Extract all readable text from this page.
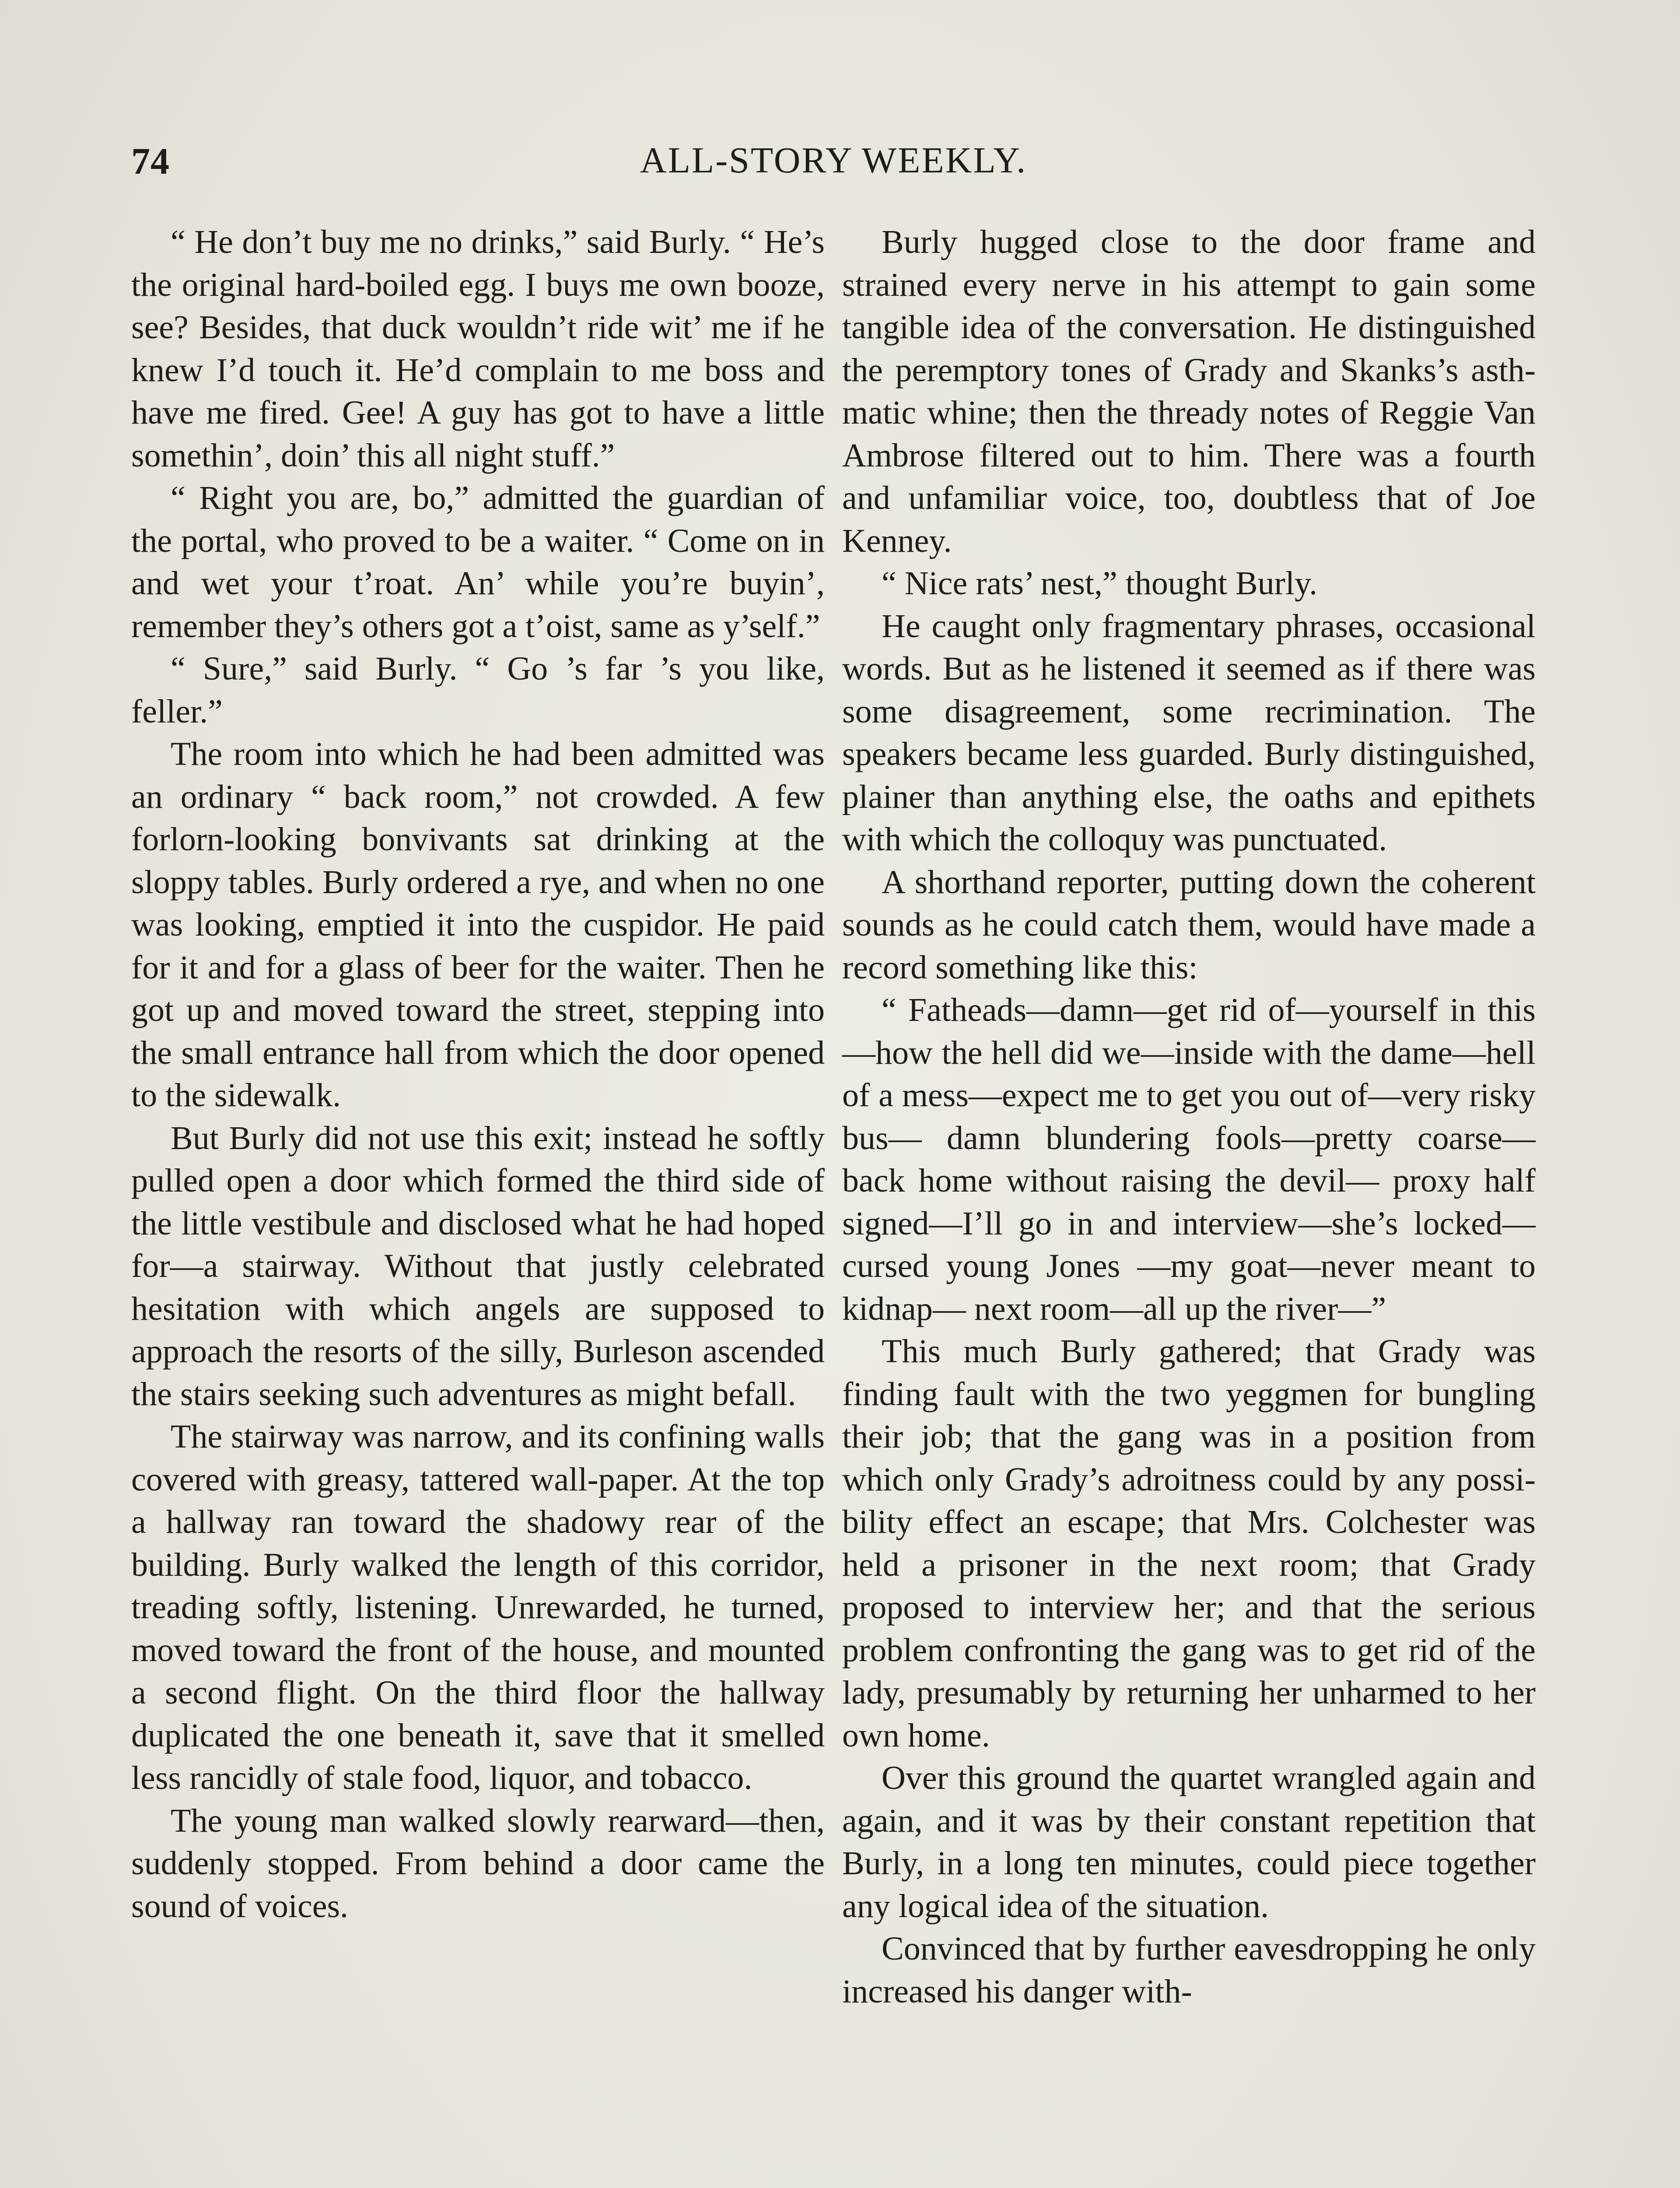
74	ALL-STORY WEEKLY.

“ He don’t buy me no drinks,” said Burly. “ He’s the original hard-boiled egg. I buys me own booze, see? Besides, that duck wouldn’t ride wit’ me if he knew I’d touch it. He’d complain to me boss and have me fired. Gee! A guy has got to have a little somethin’, doin’ this all night stuff.”

“ Right you are, bo,” admitted the guardian of the portal, who proved to be a waiter. “ Come on in and wet your t’roat. An’ while you’re buyin’, remember they’s others got a t’oist, same as y’self.”

“ Sure,” said Burly. “ Go ’s far ’s you like, feller.”

The room into which he had been admitted was an ordinary “ back room,” not crowded. A few forlorn-looking bonvivants sat drinking at the sloppy tables. Burly ordered a rye, and when no one was looking, emptied it into the cuspidor. He paid for it and for a glass of beer for the waiter. Then he got up and moved toward the street, stepping into the small entrance hall from which the door opened to the sidewalk.

But Burly did not use this exit; instead he softly pulled open a door which formed the third side of the little vestibule and disclosed what he had hoped for—a stairway. Without that justly celebrated hesitation with which angels are supposed to approach the resorts of the silly, Burleson ascended the stairs seeking such adventures as might befall.

The stairway was narrow, and its confining walls covered with greasy, tattered wall-paper. At the top a hallway ran toward the shadowy rear of the building. Burly walked the length of this corridor, treading softly, listening. Unrewarded, he turned, moved toward the front of the house, and mounted a second flight. On the third floor the hallway duplicated the one beneath it, save that it smelled less rancidly of stale food, liquor, and tobacco.

The young man walked slowly rearward—then, suddenly stopped. From behind a door came the sound of voices.

Burly hugged close to the door frame and strained every nerve in his attempt to gain some tangible idea of the conversation. He distinguished the peremptory tones of Grady and Skanks’s asthmatic whine; then the thready notes of Reggie Van Ambrose filtered out to him. There was a fourth and unfamiliar voice, too, doubtless that of Joe Kenney.

“ Nice rats’ nest,” thought Burly.

He caught only fragmentary phrases, occasional words. But as he listened it seemed as if there was some disagreement, some recrimination. The speakers became less guarded. Burly distinguished, plainer than anything else, the oaths and epithets with which the colloquy was punctuated.

A shorthand reporter, putting down the coherent sounds as he could catch them, would have made a record something like this:

“ Fatheads—damn—get rid of—yourself in this—how the hell did we—inside with the dame—hell of a mess—expect me to get you out of—very risky bus— damn blundering fools—pretty coarse— back home without raising the devil— proxy half signed—I’ll go in and interview—she’s locked—cursed young Jones —my goat—never meant to kidnap— next room—all up the river—”

This much Burly gathered; that Grady was finding fault with the two yeggmen for bungling their job; that the gang was in a position from which only Grady’s adroitness could by any possibility effect an escape; that Mrs. Colchester was held a prisoner in the next room; that Grady proposed to interview her; and that the serious problem confronting the gang was to get rid of the lady, presumably by returning her unharmed to her own home.

Over this ground the quartet wrangled again and again, and it was by their constant repetition that Burly, in a long ten minutes, could piece together any logical idea of the situation.

Convinced that by further eavesdropping he only increased his danger with-
